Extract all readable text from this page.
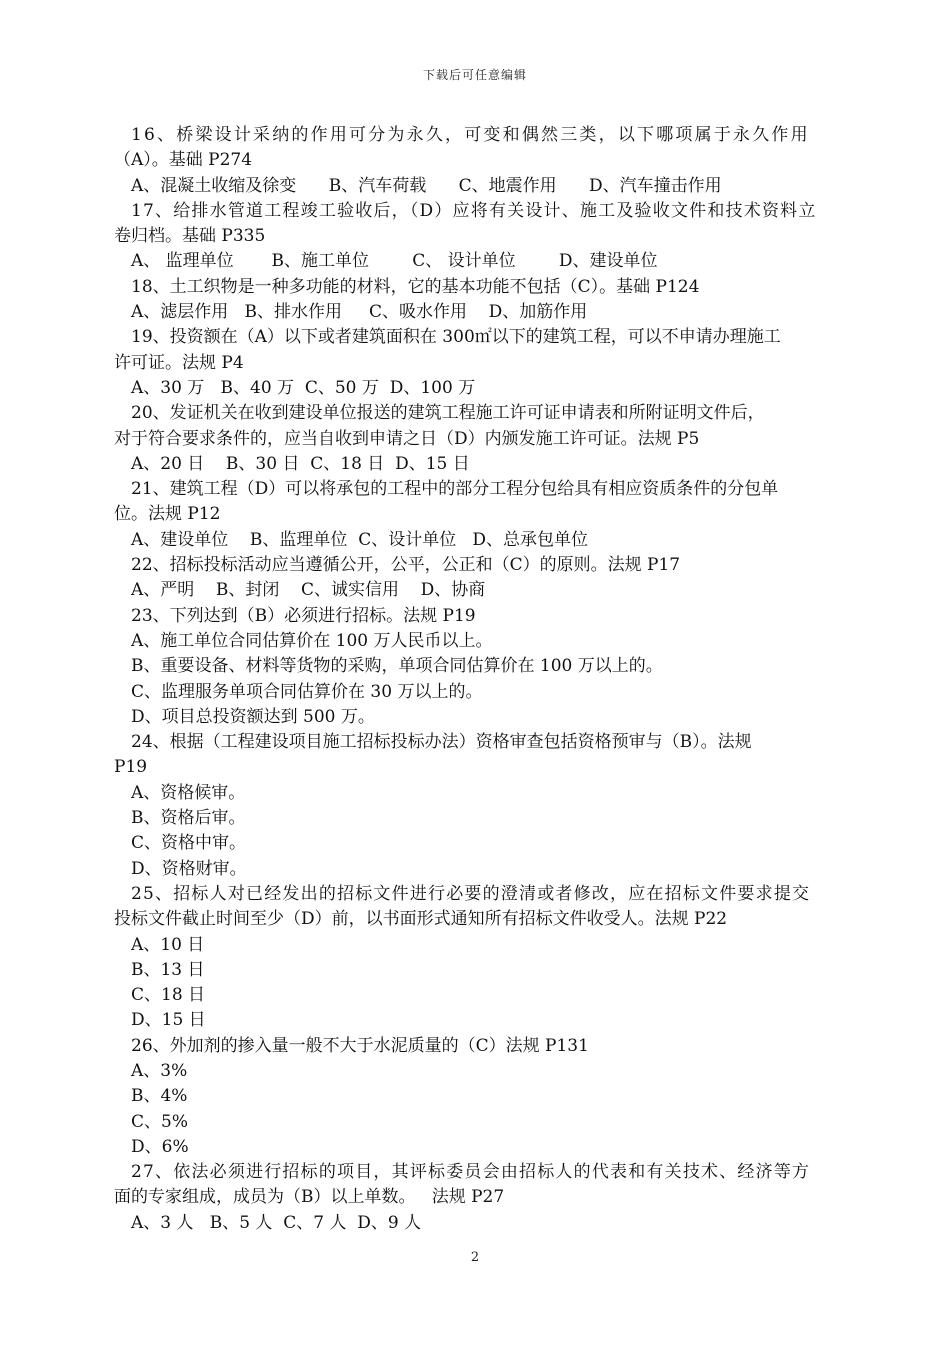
下载后可任意编辑
16、桥梁设计采纳的作用可分为永久，可变和偶然三类，以下哪项属于永久作用
（A）。基础 P274
A、混凝土收缩及徐变      B、汽车荷载      C、地震作用      D、汽车撞击作用
17、给排水管道工程竣工验收后，（D）应将有关设计、施工及验收文件和技术资料立
卷归档。基础 P335
A、 监理单位       B、施工单位        C、 设计单位        D、建设单位
18、土工织物是一种多功能的材料，它的基本功能不包括（C）。基础 P124
A、滤层作用   B、排水作用     C、吸水作用    D、加筋作用
19、投资额在（A）以下或者建筑面积在 300㎡以下的建筑工程，可以不申请办理施工
许可证。法规 P4
A、30 万   B、40 万  C、50 万  D、100 万
20、发证机关在收到建设单位报送的建筑工程施工许可证申请表和所附证明文件后，
对于符合要求条件的，应当自收到申请之日（D）内颁发施工许可证。法规 P5
A、20 日    B、30 日  C、18 日  D、15 日
21、建筑工程（D）可以将承包的工程中的部分工程分包给具有相应资质条件的分包单
位。法规 P12
A、建设单位    B、监理单位  C、设计单位   D、总承包单位
22、招标投标活动应当遵循公开，公平，公正和（C）的原则。法规 P17
A、严明    B、封闭    C、诚实信用    D、协商
23、下列达到（B）必须进行招标。法规 P19
A、施工单位合同估算价在 100 万人民币以上。
B、重要设备、材料等货物的采购，单项合同估算价在 100 万以上的。
C、监理服务单项合同估算价在 30 万以上的。
D、项目总投资额达到 500 万。
24、根据（工程建设项目施工招标投标办法）资格审查包括资格预审与（B）。法规
P19
A、资格候审。
B、资格后审。
C、资格中审。
D、资格财审。
25、招标人对已经发出的招标文件进行必要的澄清或者修改，应在招标文件要求提交
投标文件截止时间至少（D）前，以书面形式通知所有招标文件收受人。法规 P22
A、10 日
B、13 日
C、18 日
D、15 日
26、外加剂的掺入量一般不大于水泥质量的（C）法规 P131
A、3%
B、4%
C、5%
D、6%
27、依法必须进行招标的项目，其评标委员会由招标人的代表和有关技术、经济等方
面的专家组成，成员为（B）以上单数。   法规 P27
A、3 人   B、5 人  C、7 人  D、9 人
2
